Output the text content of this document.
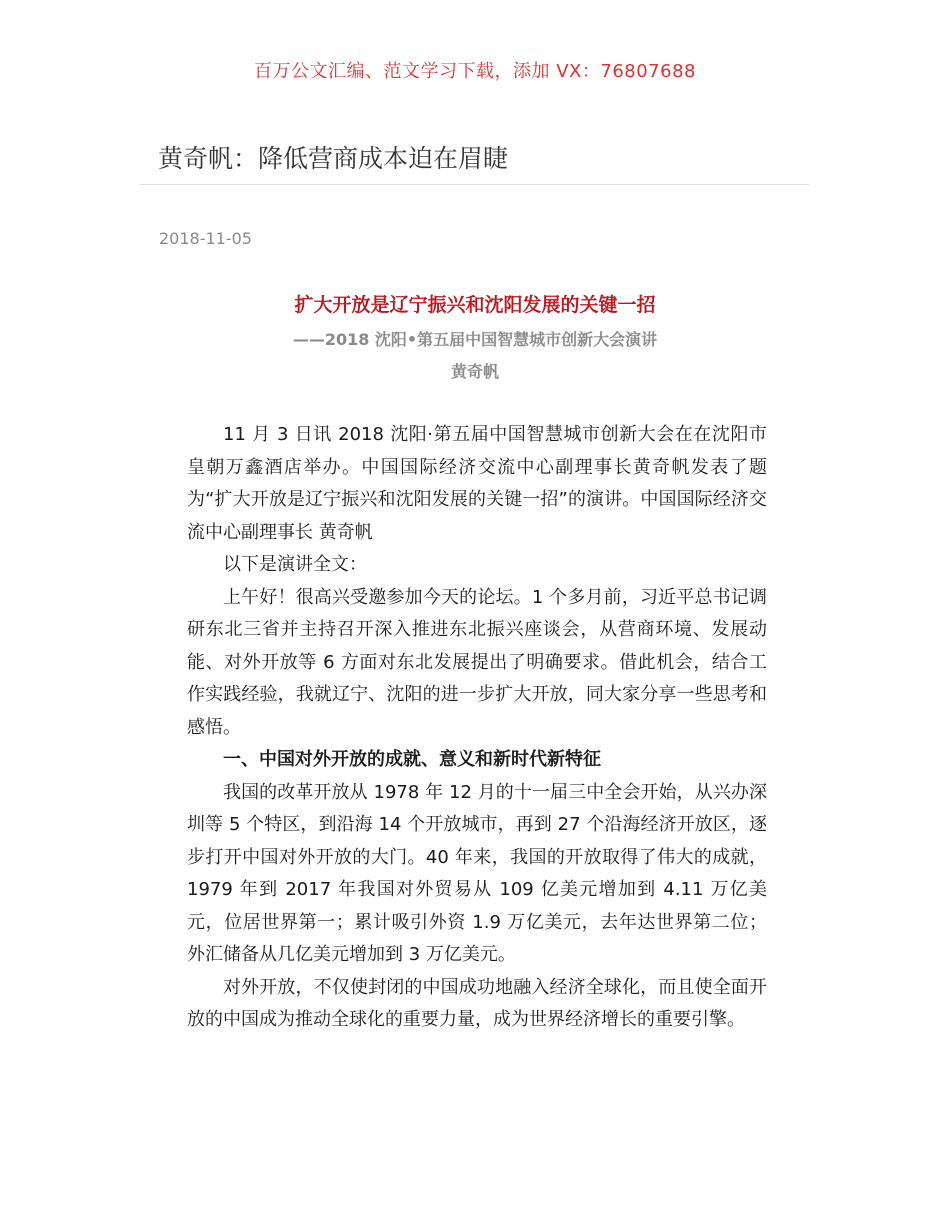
百万公文汇编、范文学习下载，添加 VX：76807688
黄奇帆：降低营商成本迫在眉睫
2018-11-05
扩大开放是辽宁振兴和沈阳发展的关键一招
——2018 沈阳•第五届中国智慧城市创新大会演讲
黄奇帆

11 月 3 日讯 2018 沈阳·第五届中国智慧城市创新大会在在沈阳市皇朝万鑫酒店举办。中国国际经济交流中心副理事长黄奇帆发表了题为“扩大开放是辽宁振兴和沈阳发展的关键一招”的演讲。中国国际经济交流中心副理事长 黄奇帆

以下是演讲全文：

上午好！很高兴受邀参加今天的论坛。1 个多月前，习近平总书记调研东北三省并主持召开深入推进东北振兴座谈会，从营商环境、发展动能、对外开放等 6 方面对东北发展提出了明确要求。借此机会，结合工作实践经验，我就辽宁、沈阳的进一步扩大开放，同大家分享一些思考和感悟。

一、中国对外开放的成就、意义和新时代新特征

我国的改革开放从 1978 年 12 月的十一届三中全会开始，从兴办深圳等 5 个特区，到沿海 14 个开放城市，再到 27 个沿海经济开放区，逐步打开中国对外开放的大门。40 年来，我国的开放取得了伟大的成就，1979 年到 2017 年我国对外贸易从 109 亿美元增加到 4.11 万亿美元，位居世界第一；累计吸引外资 1.9 万亿美元，去年达世界第二位；外汇储备从几亿美元增加到 3 万亿美元。

对外开放，不仅使封闭的中国成功地融入经济全球化，而且使全面开放的中国成为推动全球化的重要力量，成为世界经济增长的重要引擎。
